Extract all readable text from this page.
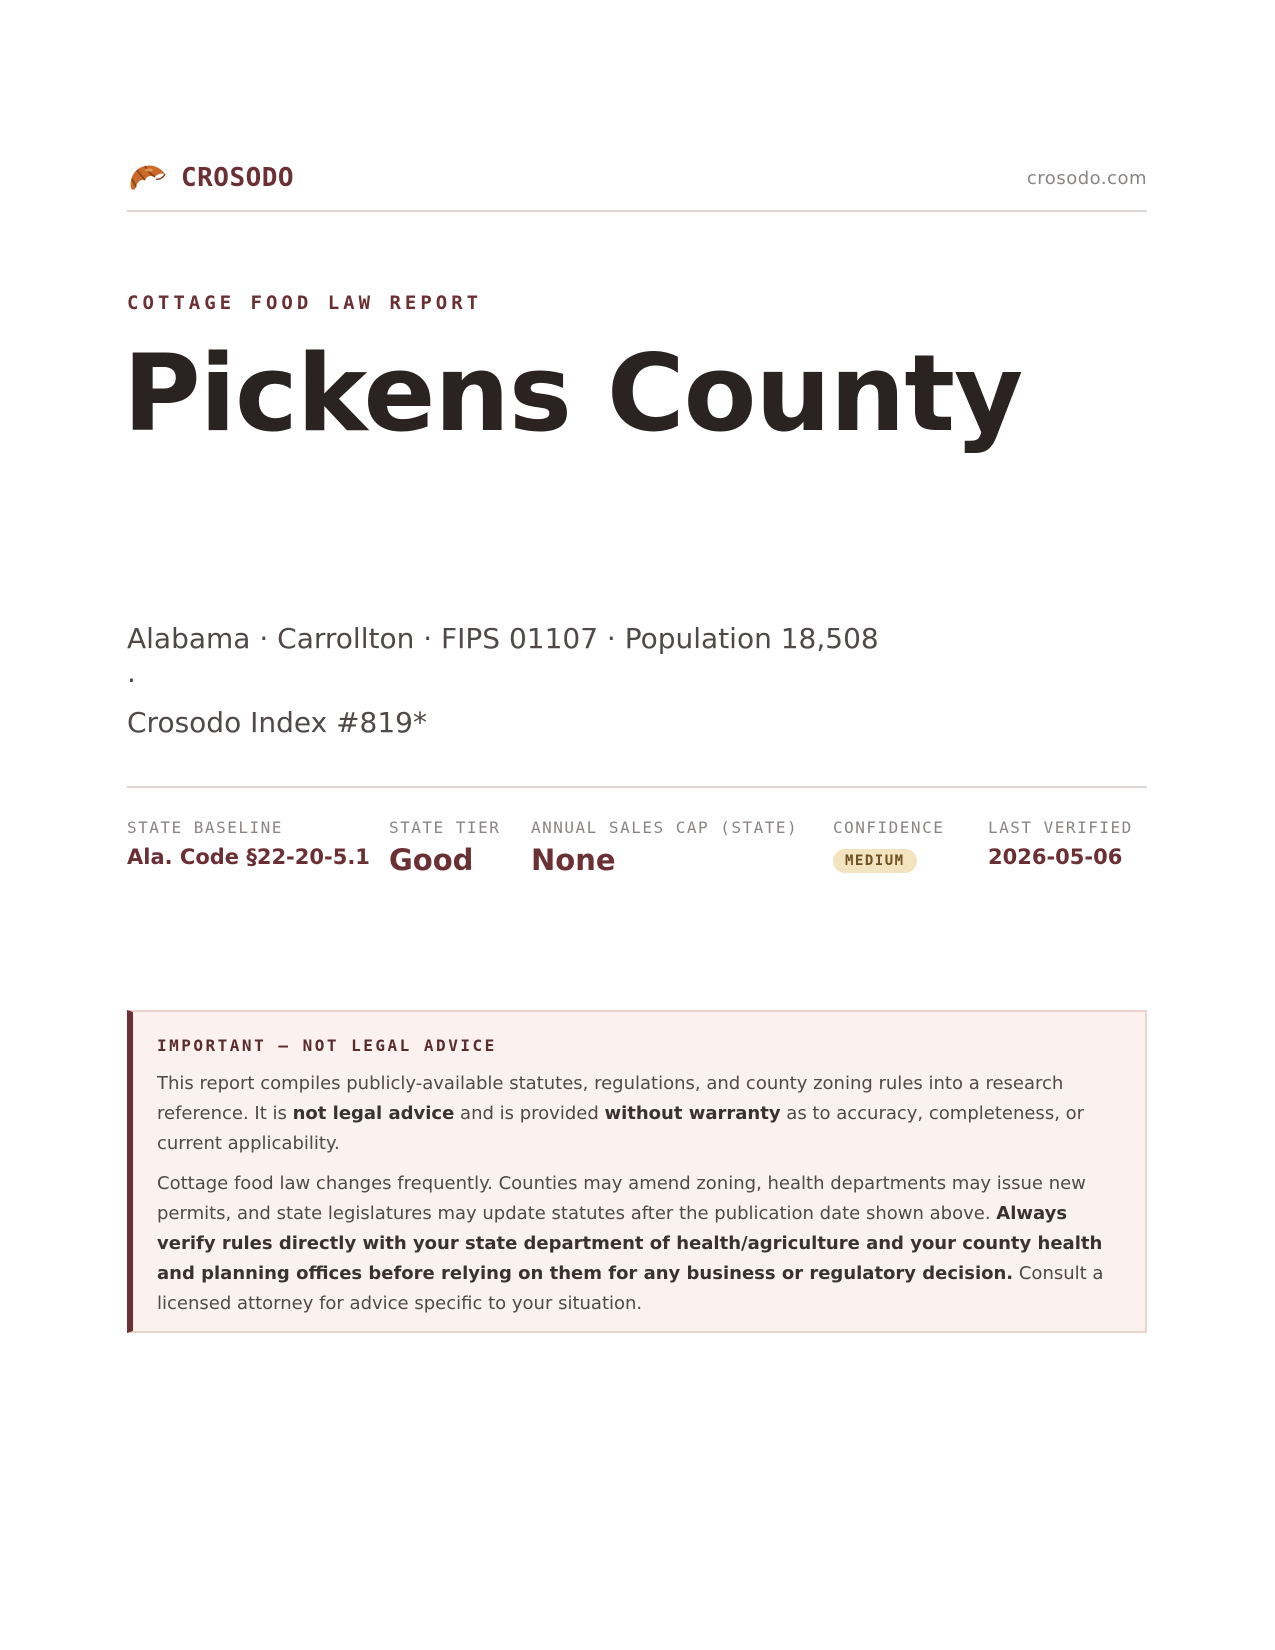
CROSODO	crosodo.com
COTTAGE FOOD LAW REPORT
Pickens County
Alabama · Carrollton · FIPS 01107 · Population 18,508 ·
Crosodo Index #819*
STATE BASELINE
Ala. Code §22-20-5.1
STATE TIER
Good
ANNUAL SALES CAP (STATE)
None
CONFIDENCE
MEDIUM
LAST VERIFIED
2026-05-06
IMPORTANT — NOT LEGAL ADVICE

This report compiles publicly-available statutes, regulations, and county zoning rules into a research reference. It is not legal advice and is provided without warranty as to accuracy, completeness, or current applicability.

Cottage food law changes frequently. Counties may amend zoning, health departments may issue new permits, and state legislatures may update statutes after the publication date shown above. Always verify rules directly with your state department of health/agriculture and your county health and planning offices before relying on them for any business or regulatory decision. Consult a licensed attorney for advice specific to your situation.
